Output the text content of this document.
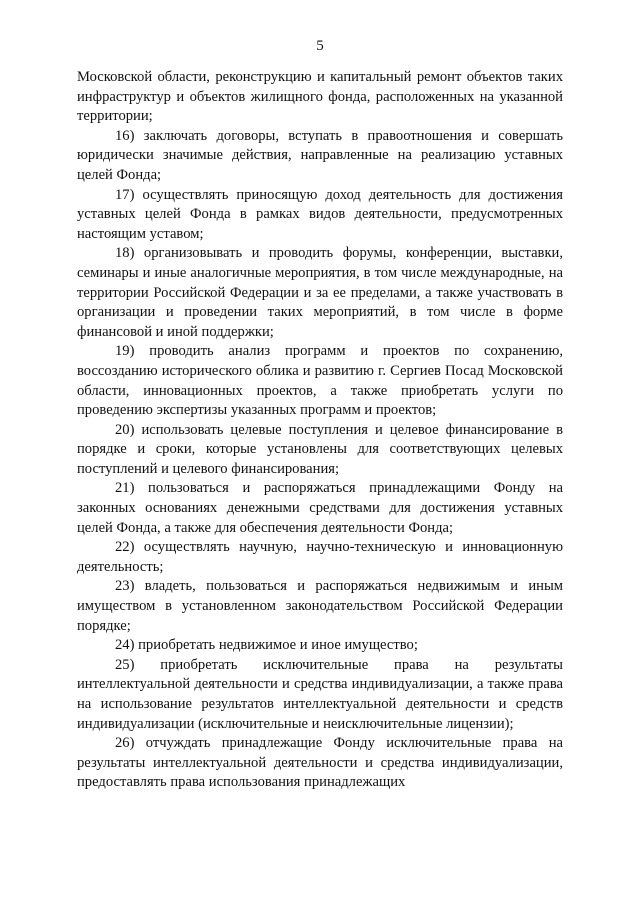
5

Московской области, реконструкцию и капитальный ремонт объектов таких инфраструктур и объектов жилищного фонда, расположенных на указанной территории;

16) заключать договоры, вступать в правоотношения и совершать юридически значимые действия, направленные на реализацию уставных целей Фонда;

17) осуществлять приносящую доход деятельность для достижения уставных целей Фонда в рамках видов деятельности, предусмотренных настоящим уставом;

18) организовывать и проводить форумы, конференции, выставки, семинары и иные аналогичные мероприятия, в том числе международные, на территории Российской Федерации и за ее пределами, а также участвовать в организации и проведении таких мероприятий, в том числе в форме финансовой и иной поддержки;

19) проводить анализ программ и проектов по сохранению, воссозданию исторического облика и развитию г. Сергиев Посад Московской области, инновационных проектов, а также приобретать услуги по проведению экспертизы указанных программ и проектов;

20) использовать целевые поступления и целевое финансирование в порядке и сроки, которые установлены для соответствующих целевых поступлений и целевого финансирования;

21) пользоваться и распоряжаться принадлежащими Фонду на законных основаниях денежными средствами для достижения уставных целей Фонда, а также для обеспечения деятельности Фонда;

22) осуществлять научную, научно-техническую и инновационную деятельность;

23) владеть, пользоваться и распоряжаться недвижимым и иным имуществом в установленном законодательством Российской Федерации порядке;

24) приобретать недвижимое и иное имущество;

25) приобретать исключительные права на результаты интеллектуальной деятельности и средства индивидуализации, а также права на использование результатов интеллектуальной деятельности и средств индивидуализации (исключительные и неисключительные лицензии);

26) отчуждать принадлежащие Фонду исключительные права на результаты интеллектуальной деятельности и средства индивидуализации, предоставлять права использования принадлежащих
